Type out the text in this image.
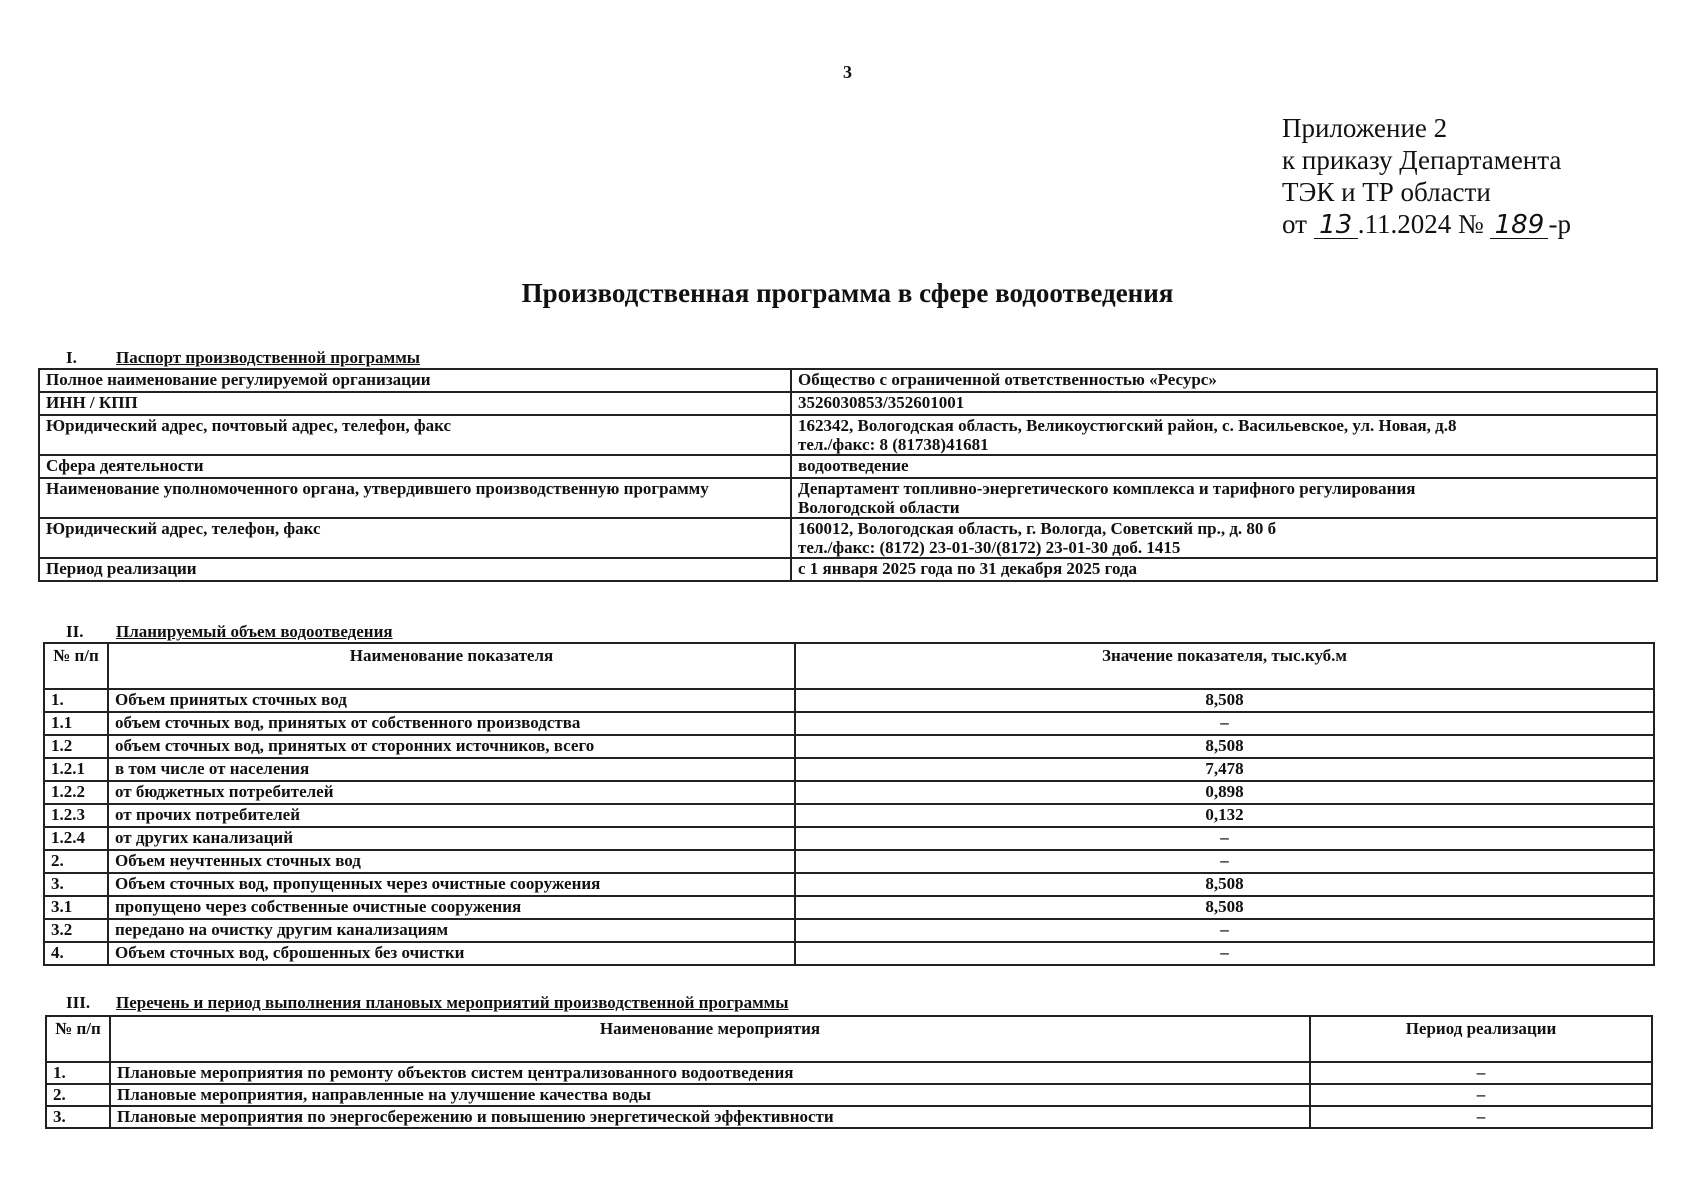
3
Приложение 2
к приказу Департамента
ТЭК и ТР области
от 13 .11.2024 № 189 -р
Производственная программа в сфере водоотведения
I. Паспорт производственной программы
Полное наименование регулируемой организации	Общество с ограниченной ответственностью «Ресурс»

ИНН / КПП	3526030853/352601001

Юридический адрес, почтовый адрес, телефон, факс	162342, Вологодская область, Великоустюгский район, с. Васильевское, ул. Новая, д.8
тел./факс: 8 (81738)41681

Сфера деятельности	водоотведение

Наименование уполномоченного органа, утвердившего производственную программу	Департамент топливно-энергетического комплекса и тарифного регулирования
Вологодской области

Юридический адрес, телефон, факс	160012, Вологодская область, г. Вологда, Советский пр., д. 80 б
тел./факс: (8172) 23-01-30/(8172) 23-01-30 доб. 1415

Период реализации	с 1 января 2025 года по 31 декабря 2025 года
II. Планируемый объем водоотведения
№ п/п	Наименование показателя	Значение показателя, тыс.куб.м
1.	Объем принятых сточных вод	8,508
1.1	объем сточных вод, принятых от собственного производства	–
1.2	объем сточных вод, принятых от сторонних источников, всего	8,508
1.2.1	в том числе от населения	7,478
1.2.2	от бюджетных потребителей	0,898
1.2.3	от прочих потребителей	0,132
1.2.4	от других канализаций	–
2.	Объем неучтенных сточных вод	–
3.	Объем сточных вод, пропущенных через очистные сооружения	8,508
3.1	пропущено через собственные очистные сооружения	8,508
3.2	передано на очистку другим канализациям	–
4.	Объем сточных вод, сброшенных без очистки	–
III. Перечень и период выполнения плановых мероприятий производственной программы
№ п/п	Наименование мероприятия	Период реализации
1.	Плановые мероприятия по ремонту объектов систем централизованного водоотведения	–
2.	Плановые мероприятия, направленные на улучшение качества воды	–
3.	Плановые мероприятия по энергосбережению и повышению энергетической эффективности	–
